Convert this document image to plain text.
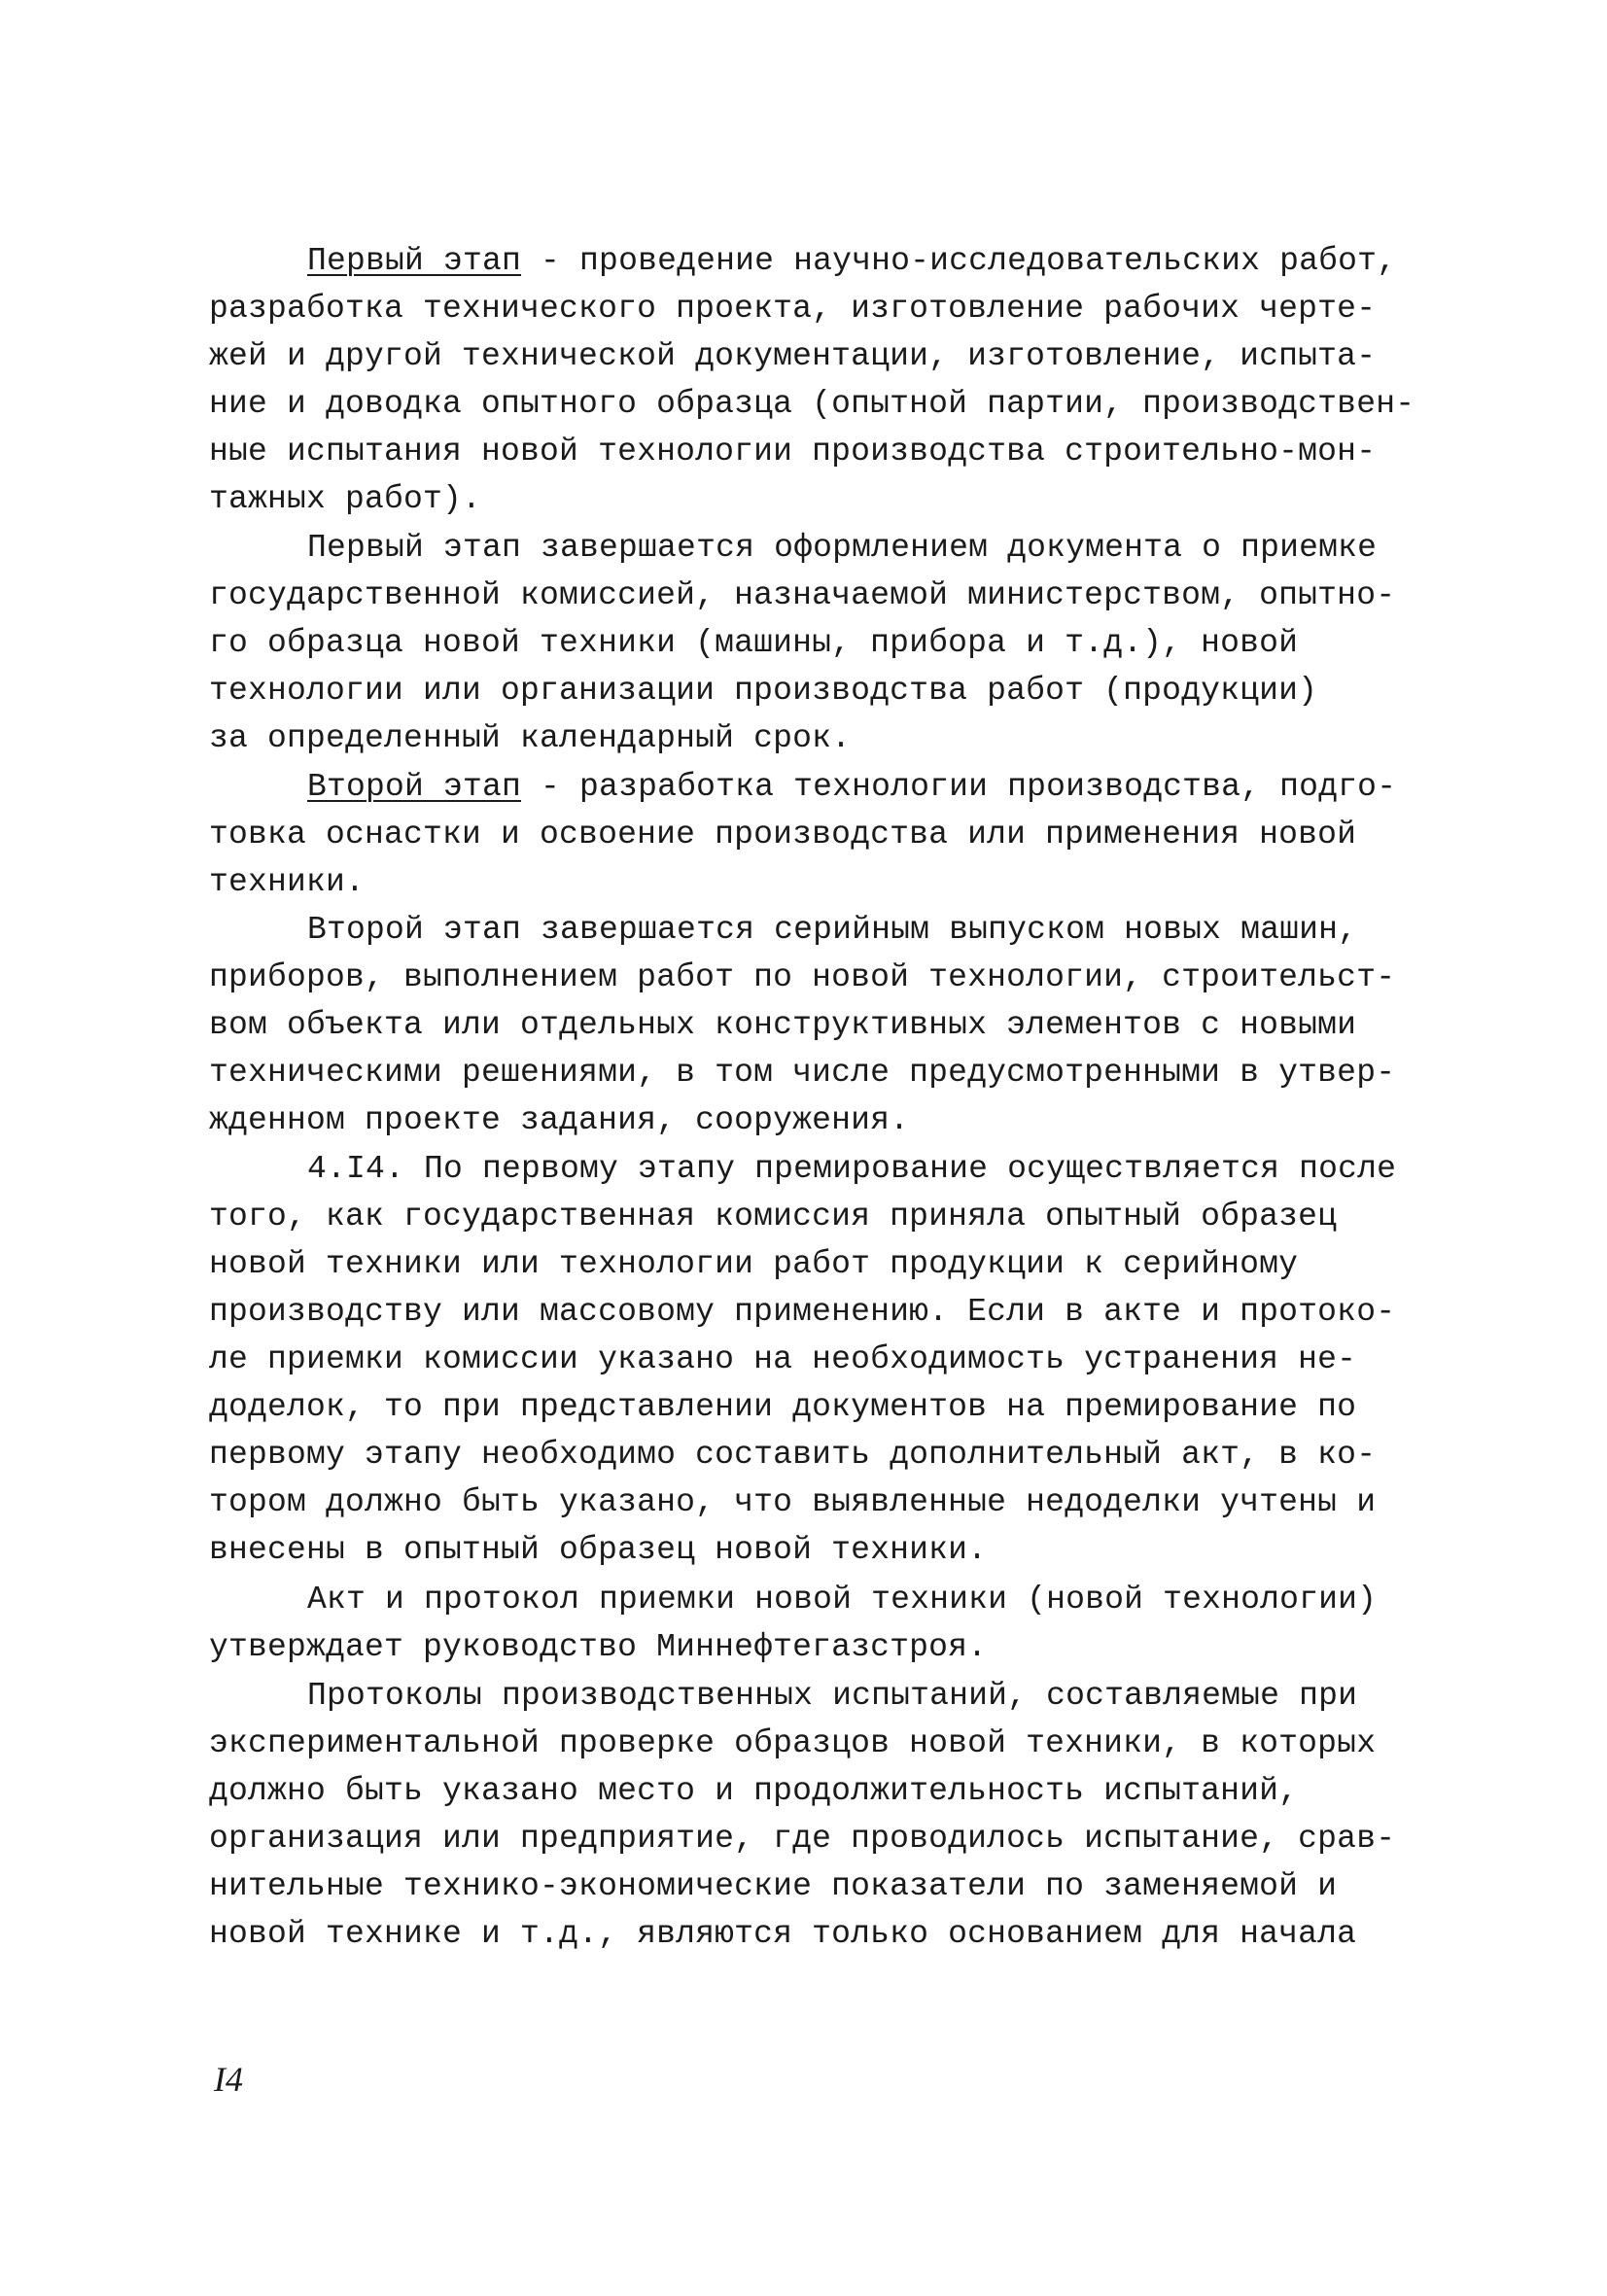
Первый этап - проведение научно-исследовательских работ,
разработка технического проекта, изготовление рабочих черте-
жей и другой технической документации, изготовление, испыта-
ние и доводка опытного образца (опытной партии, производствен-
ные испытания новой технологии производства строительно-мон-
тажных работ).
Первый этап завершается оформлением документа о приемке
государственной комиссией, назначаемой министерством, опытно-
го образца новой техники (машины, прибора и т.д.), новой
технологии или организации производства работ (продукции)
за определенный календарный срок.
Второй этап - разработка технологии производства, подго-
товка оснастки и освоение производства или применения новой
техники.
Второй этап завершается серийным выпуском новых машин,
приборов, выполнением работ по новой технологии, строительст-
вом объекта или отдельных конструктивных элементов с новыми
техническими решениями, в том числе предусмотренными в утвер-
жденном проекте задания, сооружения.
4.I4. По первому этапу премирование осуществляется после
того, как государственная комиссия приняла опытный образец
новой техники или технологии работ продукции к серийному
производству или массовому применению. Если в акте и протоко-
ле приемки комиссии указано на необходимость устранения не-
доделок, то при представлении документов на премирование по
первому этапу необходимо составить дополнительный акт, в ко-
тором должно быть указано, что выявленные недоделки учтены и
внесены в опытный образец новой техники.
Акт и протокол приемки новой техники (новой технологии)
утверждает руководство Миннефтегазстроя.
Протоколы производственных испытаний, составляемые при
экспериментальной проверке образцов новой техники, в которых
должно быть указано место и продолжительность испытаний,
организация или предприятие, где проводилось испытание, срав-
нительные технико-экономические показатели по заменяемой и
новой технике и т.д., являются только основанием для начала
I4
